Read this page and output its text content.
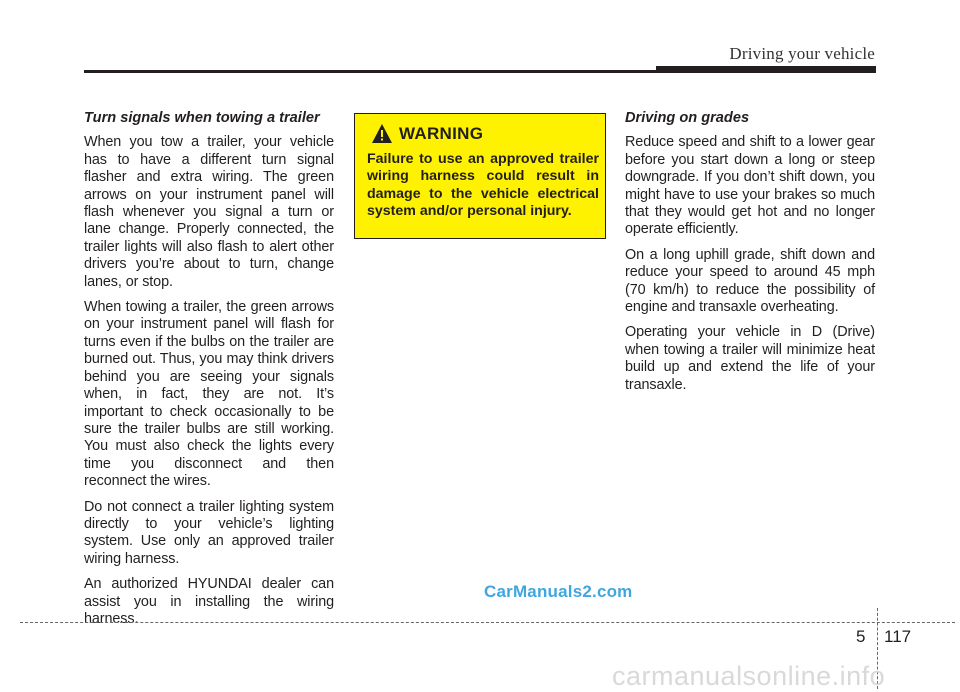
Driving your vehicle

Turn signals when towing a trailer

When you tow a trailer, your vehicle has to have a different turn signal flasher and extra wiring. The green arrows on your instrument panel will flash whenever you signal a turn or lane change. Properly connected, the trailer lights will also flash to alert other drivers you’re about to turn, change lanes, or stop.

When towing a trailer, the green arrows on your instrument panel will flash for turns even if the bulbs on the trailer are burned out. Thus, you may think drivers behind you are seeing your signals when, in fact, they are not. It’s important to check occasionally to be sure the trailer bulbs are still working. You must also check the lights every time you disconnect and then reconnect the wires.

Do not connect a trailer lighting system directly to your vehicle’s lighting system. Use only an approved trailer wiring harness.

An authorized HYUNDAI dealer can assist you in installing the wiring harness.

WARNING
Failure to use an approved trailer wiring harness could result in damage to the vehicle electrical system and/or personal injury.

Driving on grades

Reduce speed and shift to a lower gear before you start down a long or steep downgrade. If you don’t shift down, you might have to use your brakes so much that they would get hot and no longer operate efficiently.

On a long uphill grade, shift down and reduce your speed to around 45 mph (70 km/h) to reduce the possibility of engine and transaxle overheating.

Operating your vehicle in D (Drive) when towing a trailer will minimize heat build up and extend the life of your transaxle.

CarManuals2.com
5 117
carmanualsonline.info
